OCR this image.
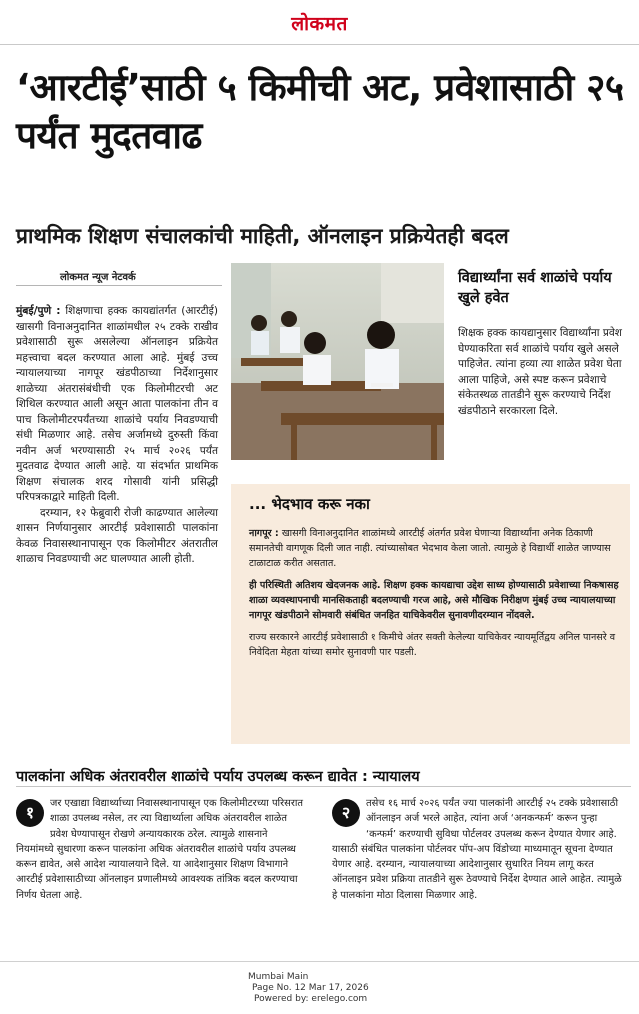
लोकमत
‘आरटीई’साठी ५ किमीची अट, प्रवेशासाठी २५ पर्यंत मुदतवाढ
प्राथमिक शिक्षण संचालकांची माहिती, ऑनलाइन प्रक्रियेतही बदल
लोकमत न्यूज नेटवर्क

मुंबई/पुणे : शिक्षणाचा हक्क कायद्यांतर्गत (आरटीई) खासगी विनाअनुदानित शाळांमधील २५ टक्के राखीव प्रवेशासाठी सुरू असलेल्या ऑनलाइन प्रक्रियेत महत्त्वाचा बदल करण्यात आला आहे. मुंबई उच्च न्यायालयाच्या नागपूर खंडपीठाच्या निर्देशानुसार शाळेच्या अंतरासंबंधीची एक किलोमीटरची अट शिथिल करण्यात आली असून आता पालकांना तीन व पाच किलोमीटरपर्यंतच्या शाळांचे पर्याय निवडण्याची संधी मिळणार आहे. तसेच अर्जामध्ये दुरुस्ती किंवा नवीन अर्ज भरण्यासाठी २५ मार्च २०२६ पर्यंत मुदतवाढ देण्यात आली आहे. या संदर्भात प्राथमिक शिक्षण संचालक शरद गोसावी यांनी प्रसिद्धी परिपत्रकाद्वारे माहिती दिली.

दरम्यान, १२ फेब्रुवारी रोजी काढण्यात आलेल्या शासन निर्णयानुसार आरटीई प्रवेशासाठी पालकांना केवळ निवासस्थानापासून एक किलोमीटर अंतरातील शाळाच निवडण्याची अट घालण्यात आली होती.

विद्यार्थ्यांना सर्व शाळांचे पर्याय खुले हवेत

शिक्षक हक्क कायद्यानुसार विद्यार्थ्यांना प्रवेश घेण्याकरिता सर्व शाळांचे पर्याय खुले असले पाहिजेत. त्यांना हव्या त्या शाळेत प्रवेश घेता आला पाहिजे, असे स्पष्ट करून प्रवेशाचे संकेतस्थळ तातडीने सुरू करण्याचे निर्देश खंडपीठाने सरकारला दिले.

... भेदभाव करू नका

नागपूर : खासगी विनाअनुदानित शाळांमध्ये आरटीई अंतर्गत प्रवेश घेणाऱ्या विद्यार्थ्यांना अनेक ठिकाणी समानतेची वागणूक दिली जात नाही. त्यांच्यासोबत भेदभाव केला जातो. त्यामुळे हे विद्यार्थी शाळेत जाण्यास टाळाटाळ करीत असतात.

ही परिस्थिती अतिशय खेदजनक आहे. शिक्षण हक्क कायद्याचा उद्देश साध्य होण्यासाठी प्रवेशाच्या निकषासह शाळा व्यवस्थापनाची मानसिकताही बदलण्याची गरज आहे, असे मौखिक निरीक्षण मुंबई उच्च न्यायालयाच्या नागपूर खंडपीठाने सोमवारी संबंधित जनहित याचिकेवरील सुनावणीदरम्यान नोंदवले.

राज्य सरकारने आरटीई प्रवेशासाठी १ किमीचे अंतर सक्ती केलेल्या याचिकेवर न्यायमूर्तिद्वय अनिल पानसरे व निवेदिता मेहता यांच्या समोर सुनावणी पार पडली.

पालकांना अधिक अंतरावरील शाळांचे पर्याय उपलब्ध करून द्यावेत : न्यायालय

१	जर एखाद्या विद्यार्थ्याच्या निवासस्थानापासून एक किलोमीटरच्या परिसरात शाळा उपलब्ध नसेल, तर त्या विद्यार्थ्याला अधिक अंतरावरील शाळेत प्रवेश घेण्यापासून रोखणे अन्यायकारक ठरेल. त्यामुळे शासनाने नियमांमध्ये सुधारणा करून पालकांना अधिक अंतरावरील शाळांचे पर्याय उपलब्ध करून द्यावेत, असे आदेश न्यायालयाने दिले. या आदेशानुसार शिक्षण विभागाने आरटीई प्रवेशासाठीच्या ऑनलाइन प्रणालीमध्ये आवश्यक तांत्रिक बदल करण्याचा निर्णय घेतला आहे.

२	तसेच १६ मार्च २०२६ पर्यंत ज्या पालकांनी आरटीई २५ टक्के प्रवेशासाठी ऑनलाइन अर्ज भरले आहेत, त्यांना अर्ज ‘अनकन्फर्म’ करून पुन्हा ‘कन्फर्म’ करण्याची सुविधा पोर्टलवर उपलब्ध करून देण्यात येणार आहे. यासाठी संबंधित पालकांना पोर्टलवर पॉप-अप विंडोच्या माध्यमातून सूचना देण्यात येणार आहे. दरम्यान, न्यायालयाच्या आदेशानुसार सुधारित नियम लागू करत ऑनलाइन प्रवेश प्रक्रिया तातडीने सुरू ठेवण्याचे निर्देश देण्यात आले आहेत. त्यामुळे हे पालकांना मोठा दिलासा मिळणार आहे.

Mumbai Main
Page No. 12 Mar 17, 2026
Powered by: erelego.com
